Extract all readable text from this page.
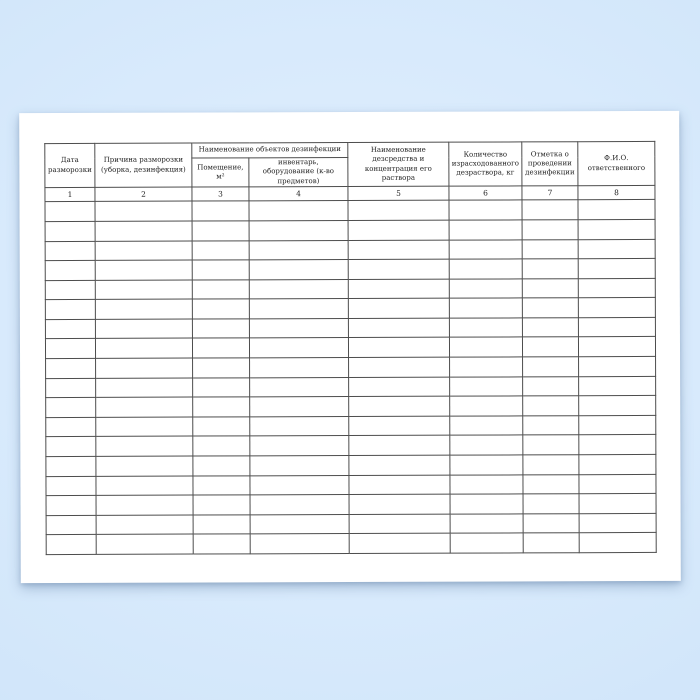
Дата разморозки	Причина разморозки (уборка, дезинфекция)	Наименование объектов дезинфекции		Наименование дезсредства и концентрация его раствора	Количество израсходованного дезраствора, кг	Отметка о проведении дезинфекции	Ф.И.О. ответственного
		Помещение, м²	инвентарь, оборудование (к-во предметов)				
1	2	3	4	5	6	7	8
